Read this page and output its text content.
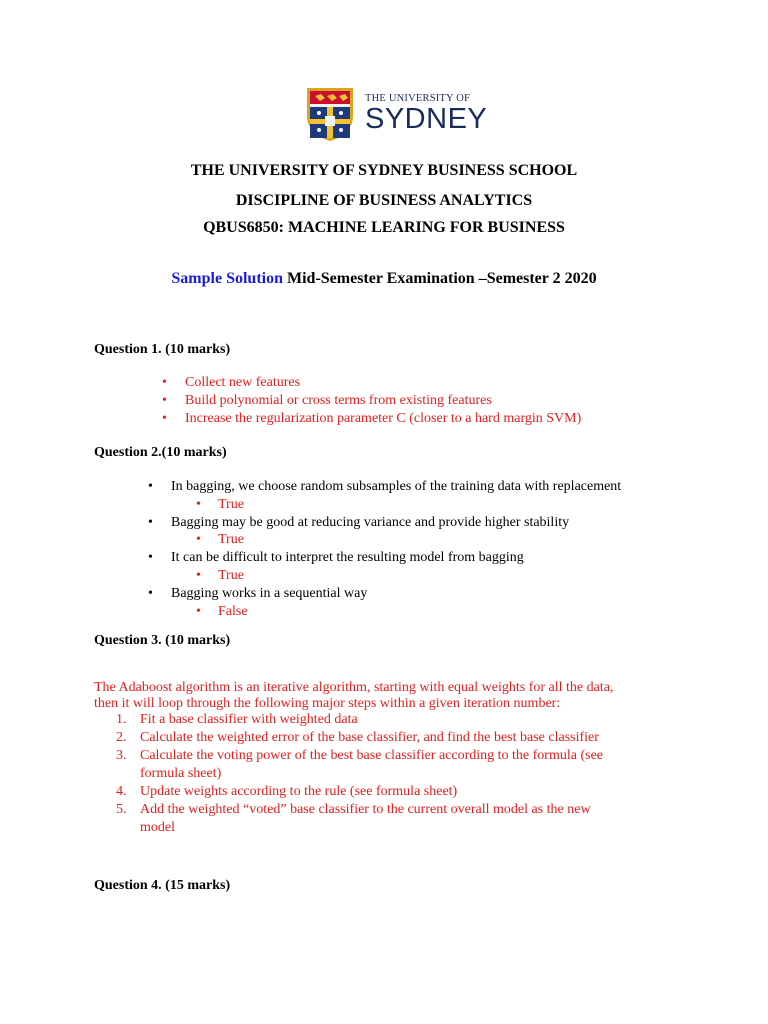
THE UNIVERSITY OF
SYDNEY
THE UNIVERSITY OF SYDNEY BUSINESS SCHOOL
DISCIPLINE OF BUSINESS ANALYTICS
QBUS6850: MACHINE LEARING FOR BUSINESS
Sample Solution Mid-Semester Examination –Semester 2 2020
Question 1. (10 marks)
• Collect new features
• Build polynomial or cross terms from existing features
• Increase the regularization parameter C (closer to a hard margin SVM)
Question 2.(10 marks)
• In bagging, we choose random subsamples of the training data with replacement
• True
• Bagging may be good at reducing variance and provide higher stability
• True
• It can be difficult to interpret the resulting model from bagging
• True
• Bagging works in a sequential way
• False
Question 3. (10 marks)
The Adaboost algorithm is an iterative algorithm, starting with equal weights for all the data,
then it will loop through the following major steps within a given iteration number:
1. Fit a base classifier with weighted data
2. Calculate the weighted error of the base classifier, and find the best base classifier
3. Calculate the voting power of the best base classifier according to the formula (see
formula sheet)
4. Update weights according to the rule (see formula sheet)
5. Add the weighted “voted” base classifier to the current overall model as the new
model
Question 4. (15 marks)
